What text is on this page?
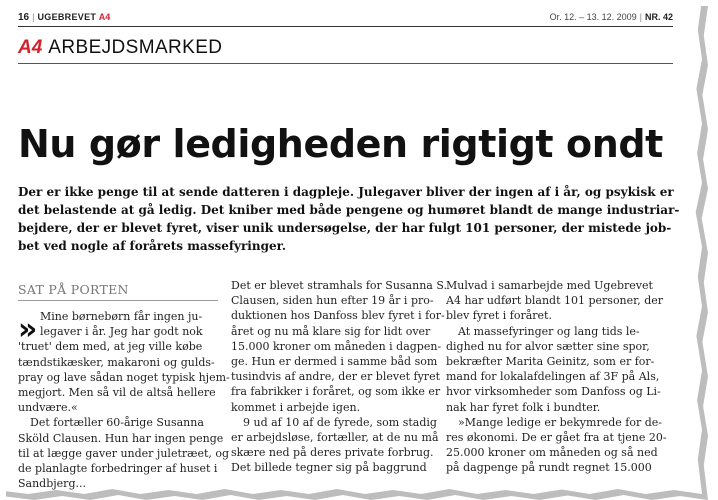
16 | UGEBREVET A4	Or. 12. – 13. 12. 2009 | NR. 42
A4 ARBEJDSMARKED
Nu gør ledigheden rigtigt ondt
Der er ikke penge til at sende datteren i dagpleje. Julegaver bliver der ingen af i år, og psykisk er
det belastende at gå ledig. Det kniber med både pengene og humøret blandt de mange industriar-
bejdere, der er blevet fyret, viser unik undersøgelse, der har fulgt 101 personer, der mistede job-
bet ved nogle af forårets massefyringer.
SAT PÅ PORTEN
» Mine børnebørn får ingen ju-
legaver i år. Jeg har godt nok
'truet' dem med, at jeg ville købe
tændstikæsker, makaroni og gulds-
pray og lave sådan noget typisk hjem-
megjort. Men så vil de altså hellere
undvære.«
Det fortæller 60-årige Susanna
Sköld Clausen. Hun har ingen penge
til at lægge gaver under juletræet, og
de planlagte forbedringer af huset i
Sandbjerg...
Det er blevet stramhals for Susanna S.
Clausen, siden hun efter 19 år i pro-
duktionen hos Danfoss blev fyret i for-
året og nu må klare sig for lidt over
15.000 kroner om måneden i dagpen-
ge. Hun er dermed i samme båd som
tusindvis af andre, der er blevet fyret
fra fabrikker i foråret, og som ikke er
kommet i arbejde igen.
9 ud af 10 af de fyrede, som stadig
er arbejdsløse, fortæller, at de nu må
skære ned på deres private forbrug.
Det billede tegner sig på baggrund
Mulvad i samarbejde med Ugebrevet
A4 har udført blandt 101 personer, der
blev fyret i foråret.
At massefyringer og lang tids le-
dighed nu for alvor sætter sine spor,
bekræfter Marita Geinitz, som er for-
mand for lokalafdelingen af 3F på Als,
hvor virksomheder som Danfoss og Li-
nak har fyret folk i bundter.
»Mange ledige er bekymrede for de-
res økonomi. De er gået fra at tjene 20-
25.000 kroner om måneden og så ned
på dagpenge på rundt regnet 15.000
